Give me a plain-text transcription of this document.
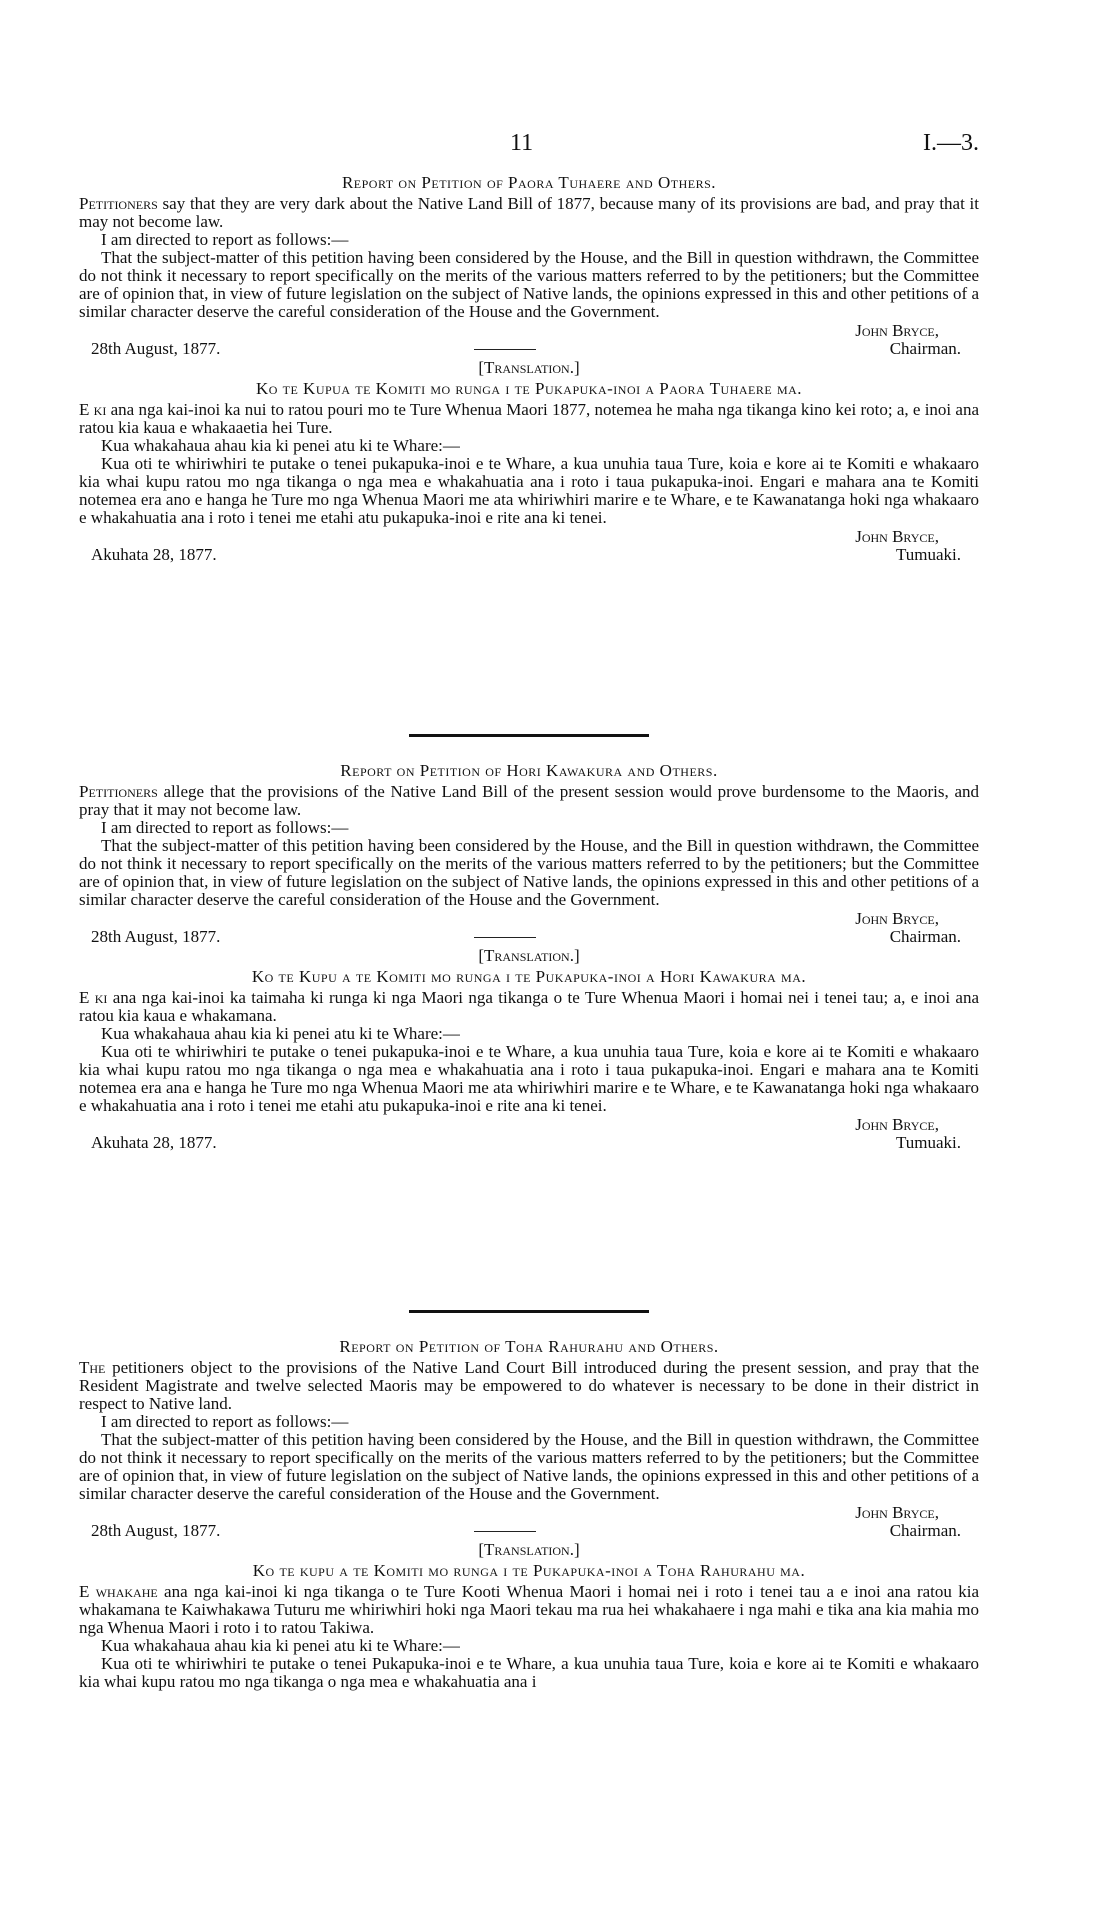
11	I.—3.

Report on Petition of Paora Tuhaere and Others.

Petitioners say that they are very dark about the Native Land Bill of 1877, because many of its provisions are bad, and pray that it may not become law.

I am directed to report as follows:—

That the subject-matter of this petition having been considered by the House, and the Bill in question withdrawn, the Committee do not think it necessary to report specifically on the merits of the various matters referred to by the petitioners; but the Committee are of opinion that, in view of future legislation on the subject of Native lands, the opinions expressed in this and other petitions of a similar character deserve the careful consideration of the House and the Government.

John Bryce,
28th August, 1877.	Chairman.

[Translation.]

Ko te Kupua te Komiti mo runga i te Pukapuka-inoi a Paora Tuhaere ma.

E ki ana nga kai-inoi ka nui to ratou pouri mo te Ture Whenua Maori 1877, notemea he maha nga tikanga kino kei roto; a, e inoi ana ratou kia kaua e whakaaetia hei Ture.

Kua whakahaua ahau kia ki penei atu ki te Whare:—

Kua oti te whiriwhiri te putake o tenei pukapuka-inoi e te Whare, a kua unuhia taua Ture, koia e kore ai te Komiti e whakaaro kia whai kupu ratou mo nga tikanga o nga mea e whakahuatia ana i roto i taua pukapuka-inoi. Engari e mahara ana te Komiti notemea era ano e hanga he Ture mo nga Whenua Maori me ata whiriwhiri marire e te Whare, e te Kawanatanga hoki nga whakaaro e whakahuatia ana i roto i tenei me etahi atu pukapuka-inoi e rite ana ki tenei.

John Bryce,
Akuhata 28, 1877.	Tumuaki.

Report on Petition of Hori Kawakura and Others.

Petitioners allege that the provisions of the Native Land Bill of the present session would prove burdensome to the Maoris, and pray that it may not become law.

I am directed to report as follows:—

That the subject-matter of this petition having been considered by the House, and the Bill in question withdrawn, the Committee do not think it necessary to report specifically on the merits of the various matters referred to by the petitioners; but the Committee are of opinion that, in view of future legislation on the subject of Native lands, the opinions expressed in this and other petitions of a similar character deserve the careful consideration of the House and the Government.

John Bryce,
28th August, 1877.	Chairman.

[Translation.]

Ko te Kupu a te Komiti mo runga i te Pukapuka-inoi a Hori Kawakura ma.

E ki ana nga kai-inoi ka taimaha ki runga ki nga Maori nga tikanga o te Ture Whenua Maori i homai nei i tenei tau; a, e inoi ana ratou kia kaua e whakamana.

Kua whakahaua ahau kia ki penei atu ki te Whare:—

Kua oti te whiriwhiri te putake o tenei pukapuka-inoi e te Whare, a kua unuhia taua Ture, koia e kore ai te Komiti e whakaaro kia whai kupu ratou mo nga tikanga o nga mea e whakahuatia ana i roto i taua pukapuka-inoi. Engari e mahara ana te Komiti notemea era ana e hanga he Ture mo nga Whenua Maori me ata whiriwhiri marire e te Whare, e te Kawanatanga hoki nga whakaaro e whakahuatia ana i roto i tenei me etahi atu pukapuka-inoi e rite ana ki tenei.

John Bryce,
Akuhata 28, 1877.	Tumuaki.

Report on Petition of Toha Rahurahu and Others.

The petitioners object to the provisions of the Native Land Court Bill introduced during the present session, and pray that the Resident Magistrate and twelve selected Maoris may be empowered to do whatever is necessary to be done in their district in respect to Native land.

I am directed to report as follows:—

That the subject-matter of this petition having been considered by the House, and the Bill in question withdrawn, the Committee do not think it necessary to report specifically on the merits of the various matters referred to by the petitioners; but the Committee are of opinion that, in view of future legislation on the subject of Native lands, the opinions expressed in this and other petitions of a similar character deserve the careful consideration of the House and the Government.

John Bryce,
28th August, 1877.	Chairman.

[Translation.]

Ko te kupu a te Komiti mo runga i te Pukapuka-inoi a Toha Rahurahu ma.

E whakahe ana nga kai-inoi ki nga tikanga o te Ture Kooti Whenua Maori i homai nei i roto i tenei tau a e inoi ana ratou kia whakamana te Kaiwhakawa Tuturu me whiriwhiri hoki nga Maori tekau ma rua hei whakahaere i nga mahi e tika ana kia mahia mo nga Whenua Maori i roto i to ratou Takiwa.

Kua whakahaua ahau kia ki penei atu ki te Whare:—

Kua oti te whiriwhiri te putake o tenei Pukapuka-inoi e te Whare, a kua unuhia taua Ture, koia e kore ai te Komiti e whakaaro kia whai kupu ratou mo nga tikanga o nga mea e whakahuatia ana i
